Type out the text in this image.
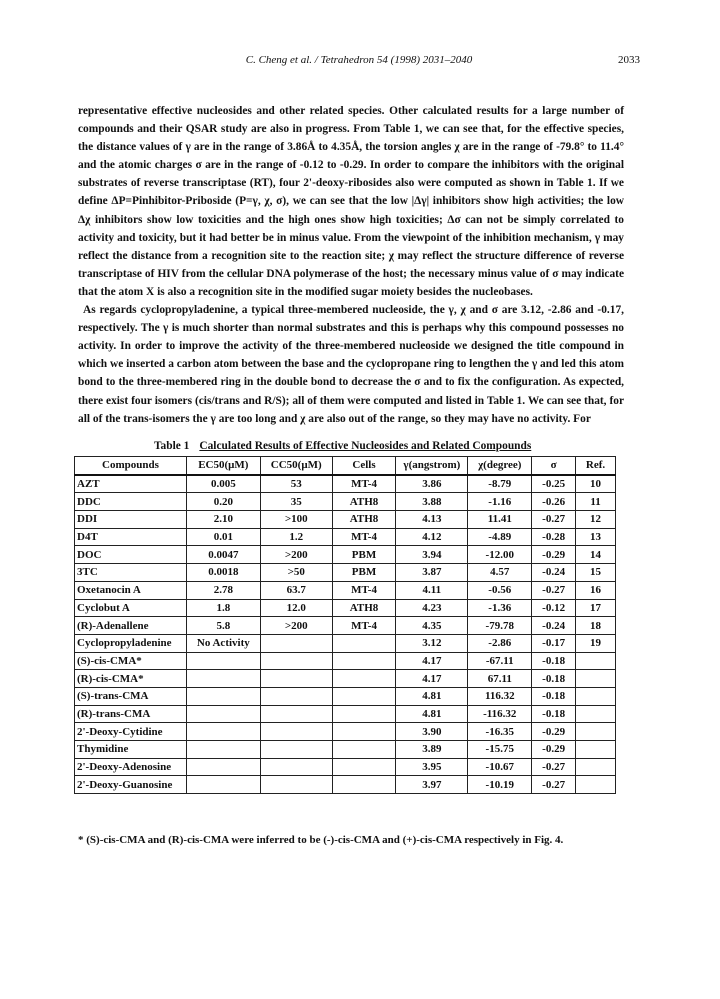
C. Cheng et al. / Tetrahedron 54 (1998) 2031–2040	2033

representative effective nucleosides and other related species. Other calculated results for a large number of compounds and their QSAR study are also in progress. From Table 1, we can see that, for the effective species, the distance values of γ are in the range of 3.86Å to 4.35Å, the torsion angles χ are in the range of -79.8° to 11.4° and the atomic charges σ are in the range of -0.12 to -0.29. In order to compare the inhibitors with the original substrates of reverse transcriptase (RT), four 2'-deoxy-ribosides also were computed as shown in Table 1. If we define ΔP=Pinhibitor-Priboside (P=γ, χ, σ), we can see that the low |Δγ| inhibitors show high activities; the low Δχ inhibitors show low toxicities and the high ones show high toxicities; Δσ can not be simply correlated to activity and toxicity, but it had better be in minus value. From the viewpoint of the inhibition mechanism, γ may reflect the distance from a recognition site to the reaction site; χ may reflect the structure difference of reverse transcriptase of HIV from the cellular DNA polymerase of the host; the necessary minus value of σ may indicate that the atom X is also a recognition site in the modified sugar moiety besides the nucleobases.

As regards cyclopropyladenine, a typical three-membered nucleoside, the γ, χ and σ are 3.12, -2.86 and -0.17, respectively. The γ is much shorter than normal substrates and this is perhaps why this compound possesses no activity. In order to improve the activity of the three-membered nucleoside we designed the title compound in which we inserted a carbon atom between the base and the cyclopropane ring to lengthen the γ and led this atom bond to the three-membered ring in the double bond to decrease the σ and to fix the configuration. As expected, there exist four isomers (cis/trans and R/S); all of them were computed and listed in Table 1. We can see that, for all of the trans-isomers the γ are too long and χ are also out of the range, so they may have no activity. For

Table 1 Calculated Results of Effective Nucleosides and Related Compounds
Compounds	EC50(μM)	CC50(μM)	Cells	γ(angstrom)	χ(degree)	σ	Ref.
AZT	0.005	53	MT-4	3.86	-8.79	-0.25	10
DDC	0.20	35	ATH8	3.88	-1.16	-0.26	11
DDI	2.10	>100	ATH8	4.13	11.41	-0.27	12
D4T	0.01	1.2	MT-4	4.12	-4.89	-0.28	13
DOC	0.0047	>200	PBM	3.94	-12.00	-0.29	14
3TC	0.0018	>50	PBM	3.87	4.57	-0.24	15
Oxetanocin A	2.78	63.7	MT-4	4.11	-0.56	-0.27	16
Cyclobut A	1.8	12.0	ATH8	4.23	-1.36	-0.12	17
(R)-Adenallene	5.8	>200	MT-4	4.35	-79.78	-0.24	18
Cyclopropyladenine	No Activity			3.12	-2.86	-0.17	19
(S)-cis-CMA*				4.17	-67.11	-0.18	
(R)-cis-CMA*				4.17	67.11	-0.18	
(S)-trans-CMA				4.81	116.32	-0.18	
(R)-trans-CMA				4.81	-116.32	-0.18	
2'-Deoxy-Cytidine				3.90	-16.35	-0.29	
Thymidine				3.89	-15.75	-0.29	
2'-Deoxy-Adenosine				3.95	-10.67	-0.27	
2'-Deoxy-Guanosine				3.97	-10.19	-0.27	
* (S)-cis-CMA and (R)-cis-CMA were inferred to be (-)-cis-CMA and (+)-cis-CMA respectively in Fig. 4.
